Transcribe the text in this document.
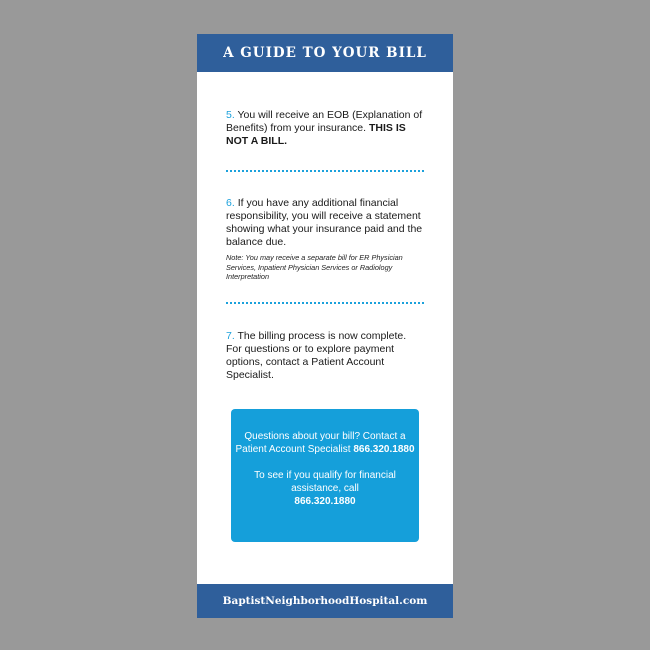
A GUIDE TO YOUR BILL
5. You will receive an EOB (Explanation of Benefits) from your insurance. THIS IS NOT A BILL.
6. If you have any additional financial responsibility, you will receive a statement showing what your insurance paid and the balance due.
Note: You may receive a separate bill for ER Physician Services, Inpatient Physician Services or Radiology Interpretation
7. The billing process is now complete. For questions or to explore payment options, contact a Patient Account Specialist.

Questions about your bill? Contact a Patient Account Specialist 866.320.1880

To see if you qualify for financial assistance, call

866.320.1880

BaptistNeighborhoodHospital.com
